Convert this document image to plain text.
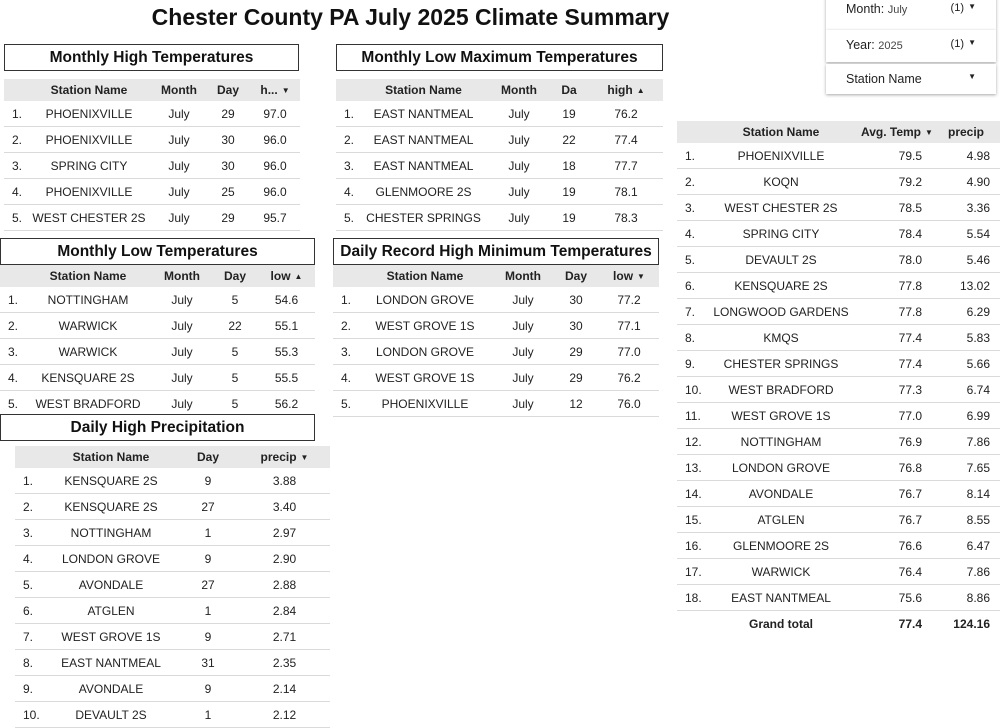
Chester County PA July 2025 Climate Summary	Month: July	(1) ▼
Year: 2025	(1) ▼
Station Name	▼
Monthly High Temperatures
	Station Name	Month	Day	h... ▼
1.	PHOENIXVILLE	July	29	97.0
2.	PHOENIXVILLE	July	30	96.0
3.	SPRING CITY	July	30	96.0
4.	PHOENIXVILLE	July	25	96.0
5.	WEST CHESTER 2S	July	29	95.7
Monthly Low Maximum Temperatures
	Station Name	Month	Da	high ▲
1.	EAST NANTMEAL	July	19	76.2
2.	EAST NANTMEAL	July	22	77.4
3.	EAST NANTMEAL	July	18	77.7
4.	GLENMOORE 2S	July	19	78.1
5.	CHESTER SPRINGS	July	19	78.3
Monthly Low Temperatures
	Station Name	Month	Day	low ▲
1.	NOTTINGHAM	July	5	54.6
2.	WARWICK	July	22	55.1
3.	WARWICK	July	5	55.3
4.	KENSQUARE 2S	July	5	55.5
5.	WEST BRADFORD	July	5	56.2
Daily Record High Minimum Temperatures
	Station Name	Month	Day	low ▼
1.	LONDON GROVE	July	30	77.2
2.	WEST GROVE 1S	July	30	77.1
3.	LONDON GROVE	July	29	77.0
4.	WEST GROVE 1S	July	29	76.2
5.	PHOENIXVILLE	July	12	76.0
Daily High Precipitation
	Station Name	Day	precip ▼
1.	KENSQUARE 2S	9	3.88
2.	KENSQUARE 2S	27	3.40
3.	NOTTINGHAM	1	2.97
4.	LONDON GROVE	9	2.90
5.	AVONDALE	27	2.88
6.	ATGLEN	1	2.84
7.	WEST GROVE 1S	9	2.71
8.	EAST NANTMEAL	31	2.35
9.	AVONDALE	9	2.14
10.	DEVAULT 2S	1	2.12
	Station Name	Avg. Temp ▼	precip
1.	PHOENIXVILLE	79.5	4.98
2.	KOQN	79.2	4.90
3.	WEST CHESTER 2S	78.5	3.36
4.	SPRING CITY	78.4	5.54
5.	DEVAULT 2S	78.0	5.46
6.	KENSQUARE 2S	77.8	13.02
7.	LONGWOOD GARDENS	77.8	6.29
8.	KMQS	77.4	5.83
9.	CHESTER SPRINGS	77.4	5.66
10.	WEST BRADFORD	77.3	6.74
11.	WEST GROVE 1S	77.0	6.99
12.	NOTTINGHAM	76.9	7.86
13.	LONDON GROVE	76.8	7.65
14.	AVONDALE	76.7	8.14
15.	ATGLEN	76.7	8.55
16.	GLENMOORE 2S	76.6	6.47
17.	WARWICK	76.4	7.86
18.	EAST NANTMEAL	75.6	8.86
	Grand total	77.4	124.16
